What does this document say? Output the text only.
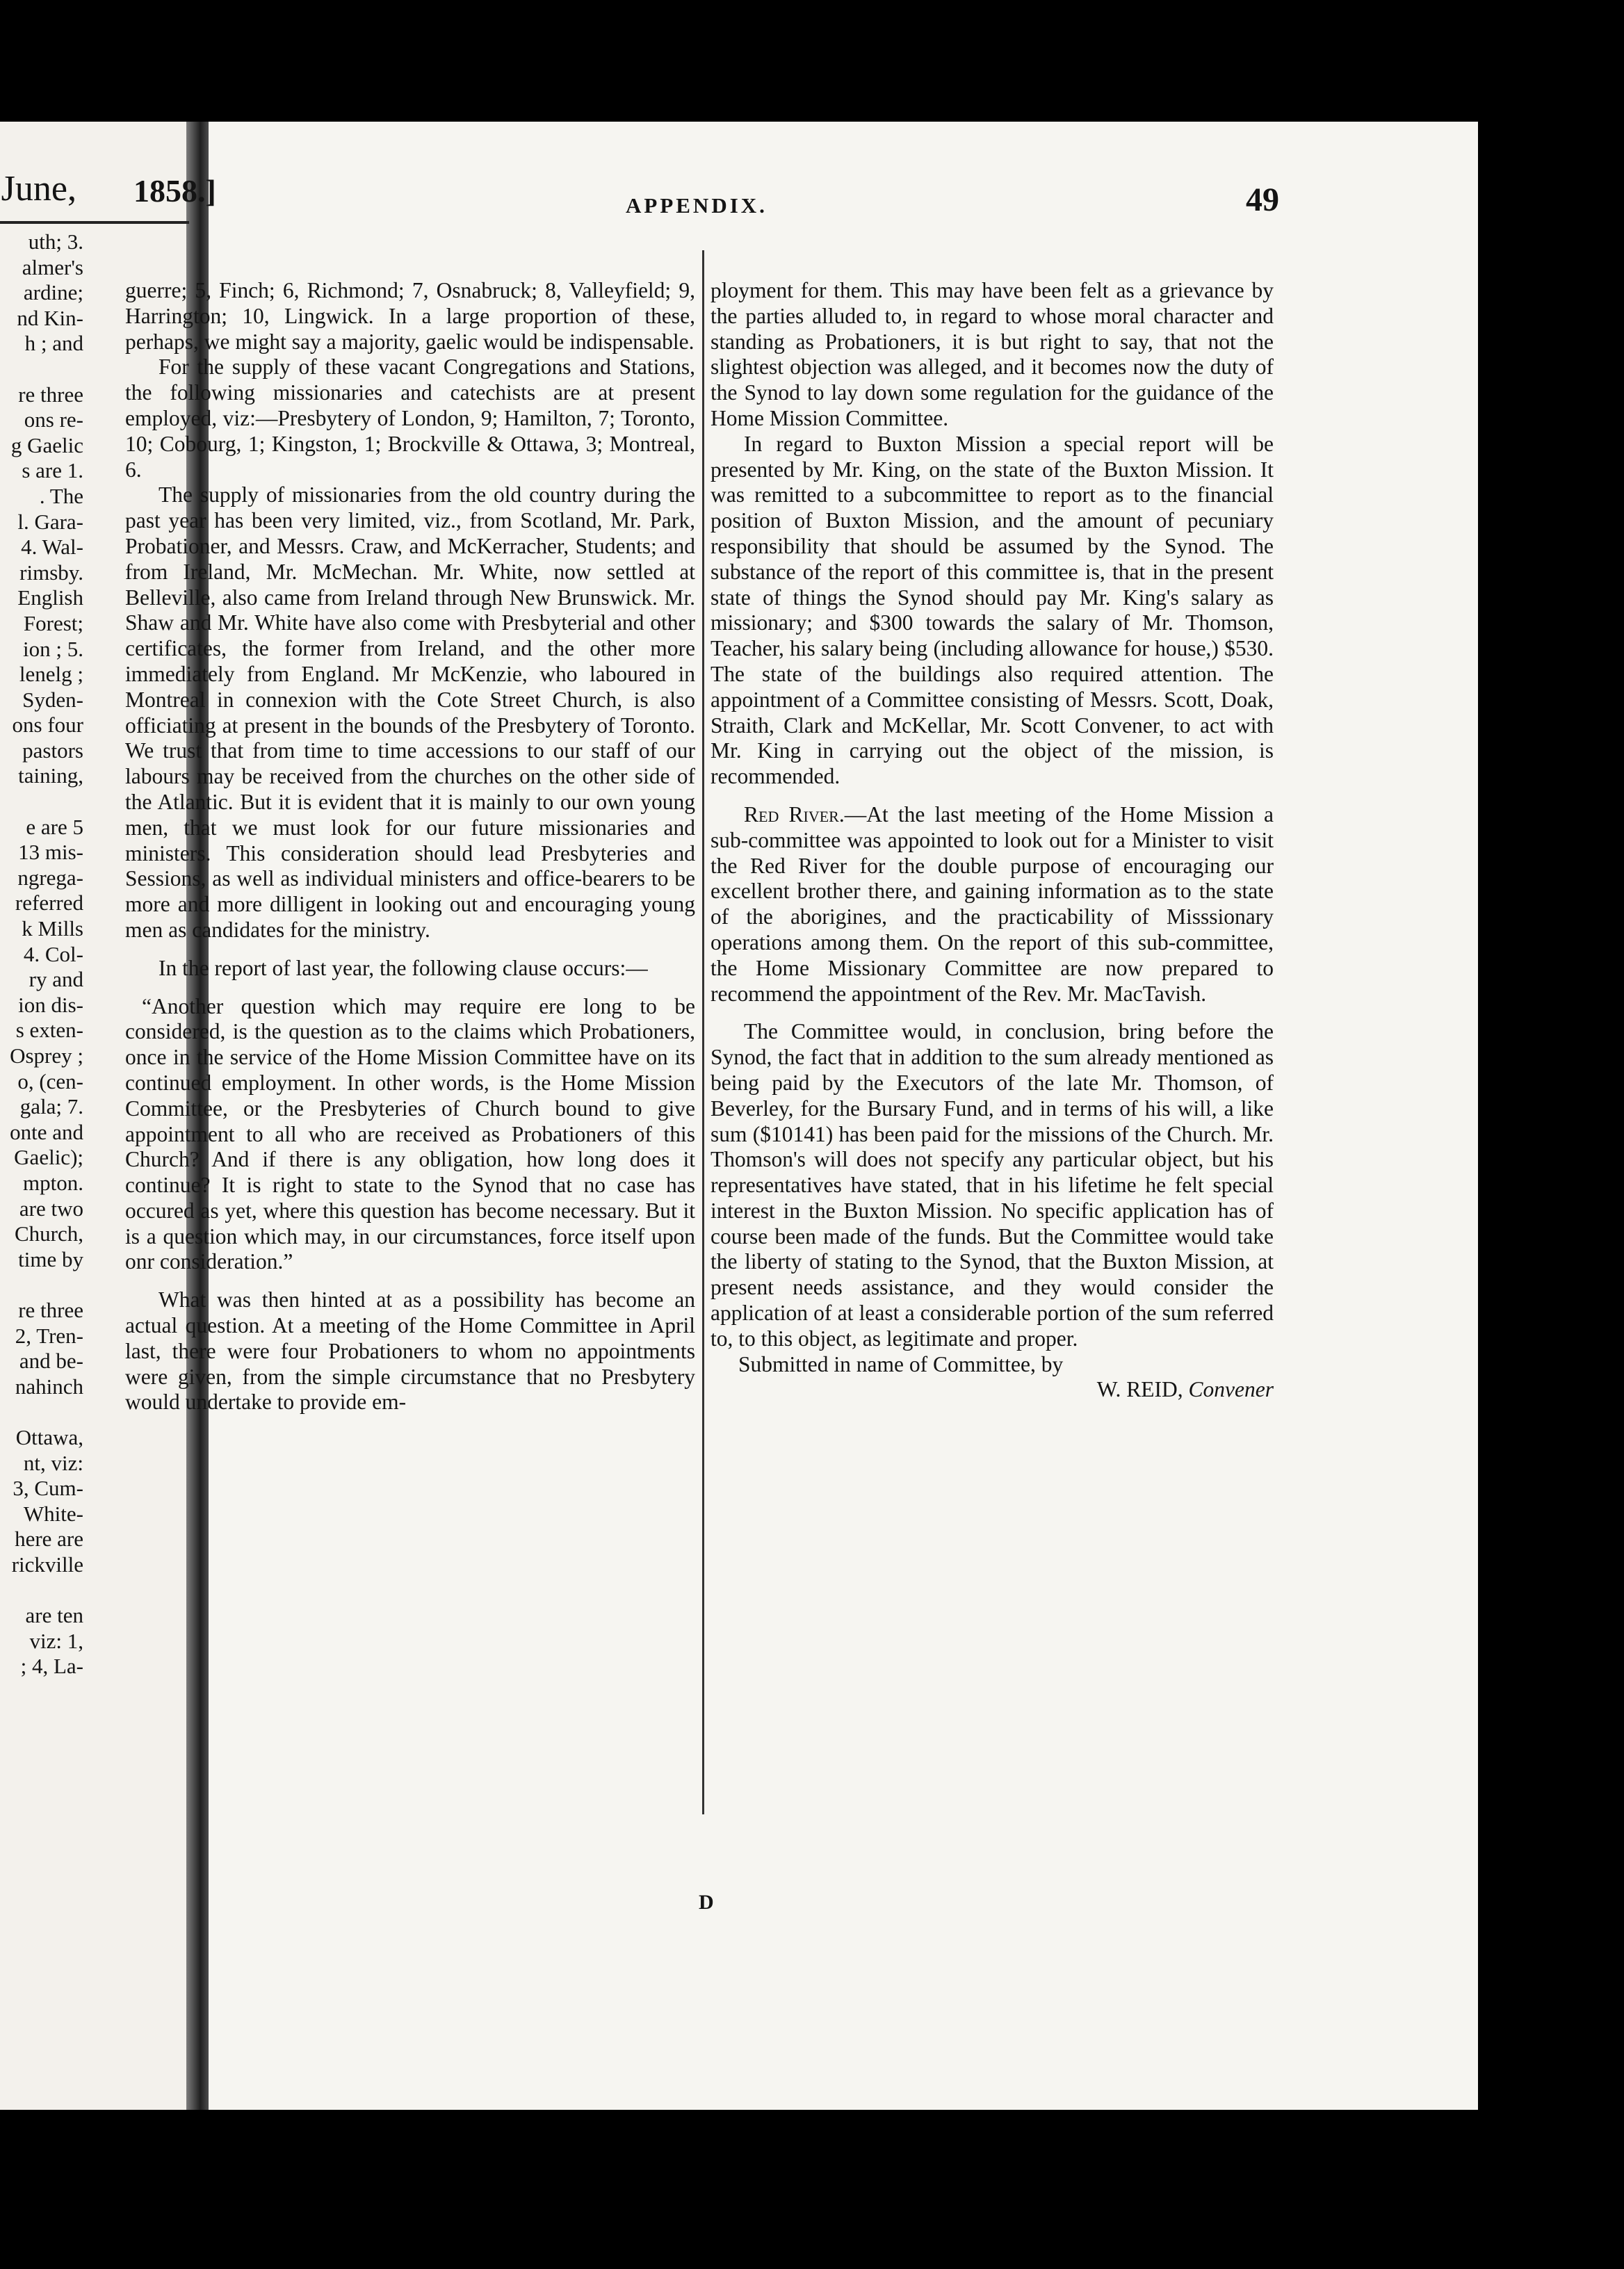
June,
uth; 3.
almer's
ardine;
nd Kin-
h ; and
re three
ons re-
g Gaelic
s are 1.
. The
l. Gara-
4. Wal-
rimsby.
English
Forest;
ion ; 5.
lenelg ;
Syden-
ons four
pastors
taining,
e are 5
13 mis-
ngrega-
referred
k Mills
4. Col-
ry and
ion dis-
s exten-
Osprey ;
o, (cen-
gala; 7.
onte and
Gaelic);
mpton.
are two
Church,
time by
re three
2, Tren-
and be-
nahinch
Ottawa,
nt, viz:
3, Cum-
White-
here are
rickville
are ten
viz: 1,
; 4, La-
1858.]	APPENDIX.	49

guerre; 5, Finch; 6, Richmond; 7, Osnabruck; 8, Valleyfield; 9, Harrington; 10, Lingwick. In a large proportion of these, perhaps, we might say a majority, gaelic would be indispensable.

For the supply of these vacant Congregations and Stations, the following missionaries and catechists are at present employed, viz:—Presbytery of London, 9; Hamilton, 7; Toronto, 10; Cobourg, 1; Kingston, 1; Brockville & Ottawa, 3; Montreal, 6.

The supply of missionaries from the old country during the past year has been very limited, viz., from Scotland, Mr. Park, Probationer, and Messrs. Craw, and McKerracher, Students; and from Ireland, Mr. McMechan. Mr. White, now settled at Belleville, also came from Ireland through New Brunswick. Mr. Shaw and Mr. White have also come with Presbyterial and other certificates, the former from Ireland, and the other more immediately from England. Mr McKenzie, who laboured in Montreal in connexion with the Cote Street Church, is also officiating at present in the bounds of the Presbytery of Toronto. We trust that from time to time accessions to our staff of our labours may be received from the churches on the other side of the Atlantic. But it is evident that it is mainly to our own young men, that we must look for our future missionaries and ministers. This consideration should lead Presbyteries and Sessions, as well as individual ministers and office-bearers to be more and more dilligent in looking out and encouraging young men as candidates for the ministry.

In the report of last year, the following clause occurs:—

“Another question which may require ere long to be considered, is the question as to the claims which Probationers, once in the service of the Home Mission Committee have on its continued employment. In other words, is the Home Mission Committee, or the Presbyteries of Church bound to give appointment to all who are received as Probationers of this Church? And if there is any obligation, how long does it continue? It is right to state to the Synod that no case has occured as yet, where this question has become necessary. But it is a question which may, in our circumstances, force itself upon onr consideration.”

What was then hinted at as a possibility has become an actual question. At a meeting of the Home Committee in April last, there were four Probationers to whom no appointments were given, from the simple circumstance that no Presbytery would undertake to provide em-

ployment for them. This may have been felt as a grievance by the parties alluded to, in regard to whose moral character and standing as Probationers, it is but right to say, that not the slightest objection was alleged, and it becomes now the duty of the Synod to lay down some regulation for the guidance of the Home Mission Committee.

In regard to Buxton Mission a special report will be presented by Mr. King, on the state of the Buxton Mission. It was remitted to a subcommittee to report as to the financial position of Buxton Mission, and the amount of pecuniary responsibility that should be assumed by the Synod. The substance of the report of this committee is, that in the present state of things the Synod should pay Mr. King's salary as missionary; and $300 towards the salary of Mr. Thomson, Teacher, his salary being (including allowance for house,) $530. The state of the buildings also required attention. The appointment of a Committee consisting of Messrs. Scott, Doak, Straith, Clark and McKellar, Mr. Scott Convener, to act with Mr. King in carrying out the object of the mission, is recommended.

Red River.—At the last meeting of the Home Mission a sub-committee was appointed to look out for a Minister to visit the Red River for the double purpose of encouraging our excellent brother there, and gaining information as to the state of the aborigines, and the practicability of Misssionary operations among them. On the report of this sub-committee, the Home Missionary Committee are now prepared to recommend the appointment of the Rev. Mr. MacTavish.

The Committee would, in conclusion, bring before the Synod, the fact that in addition to the sum already mentioned as being paid by the Executors of the late Mr. Thomson, of Beverley, for the Bursary Fund, and in terms of his will, a like sum ($10141) has been paid for the missions of the Church. Mr. Thomson's will does not specify any particular object, but his representatives have stated, that in his lifetime he felt special interest in the Buxton Mission. No specific application has of course been made of the funds. But the Committee would take the liberty of stating to the Synod, that the Buxton Mission, at present needs assistance, and they would consider the application of at least a considerable portion of the sum referred to, to this object, as legitimate and proper.

Submitted in name of Committee, by

W. REID, Convener

D
